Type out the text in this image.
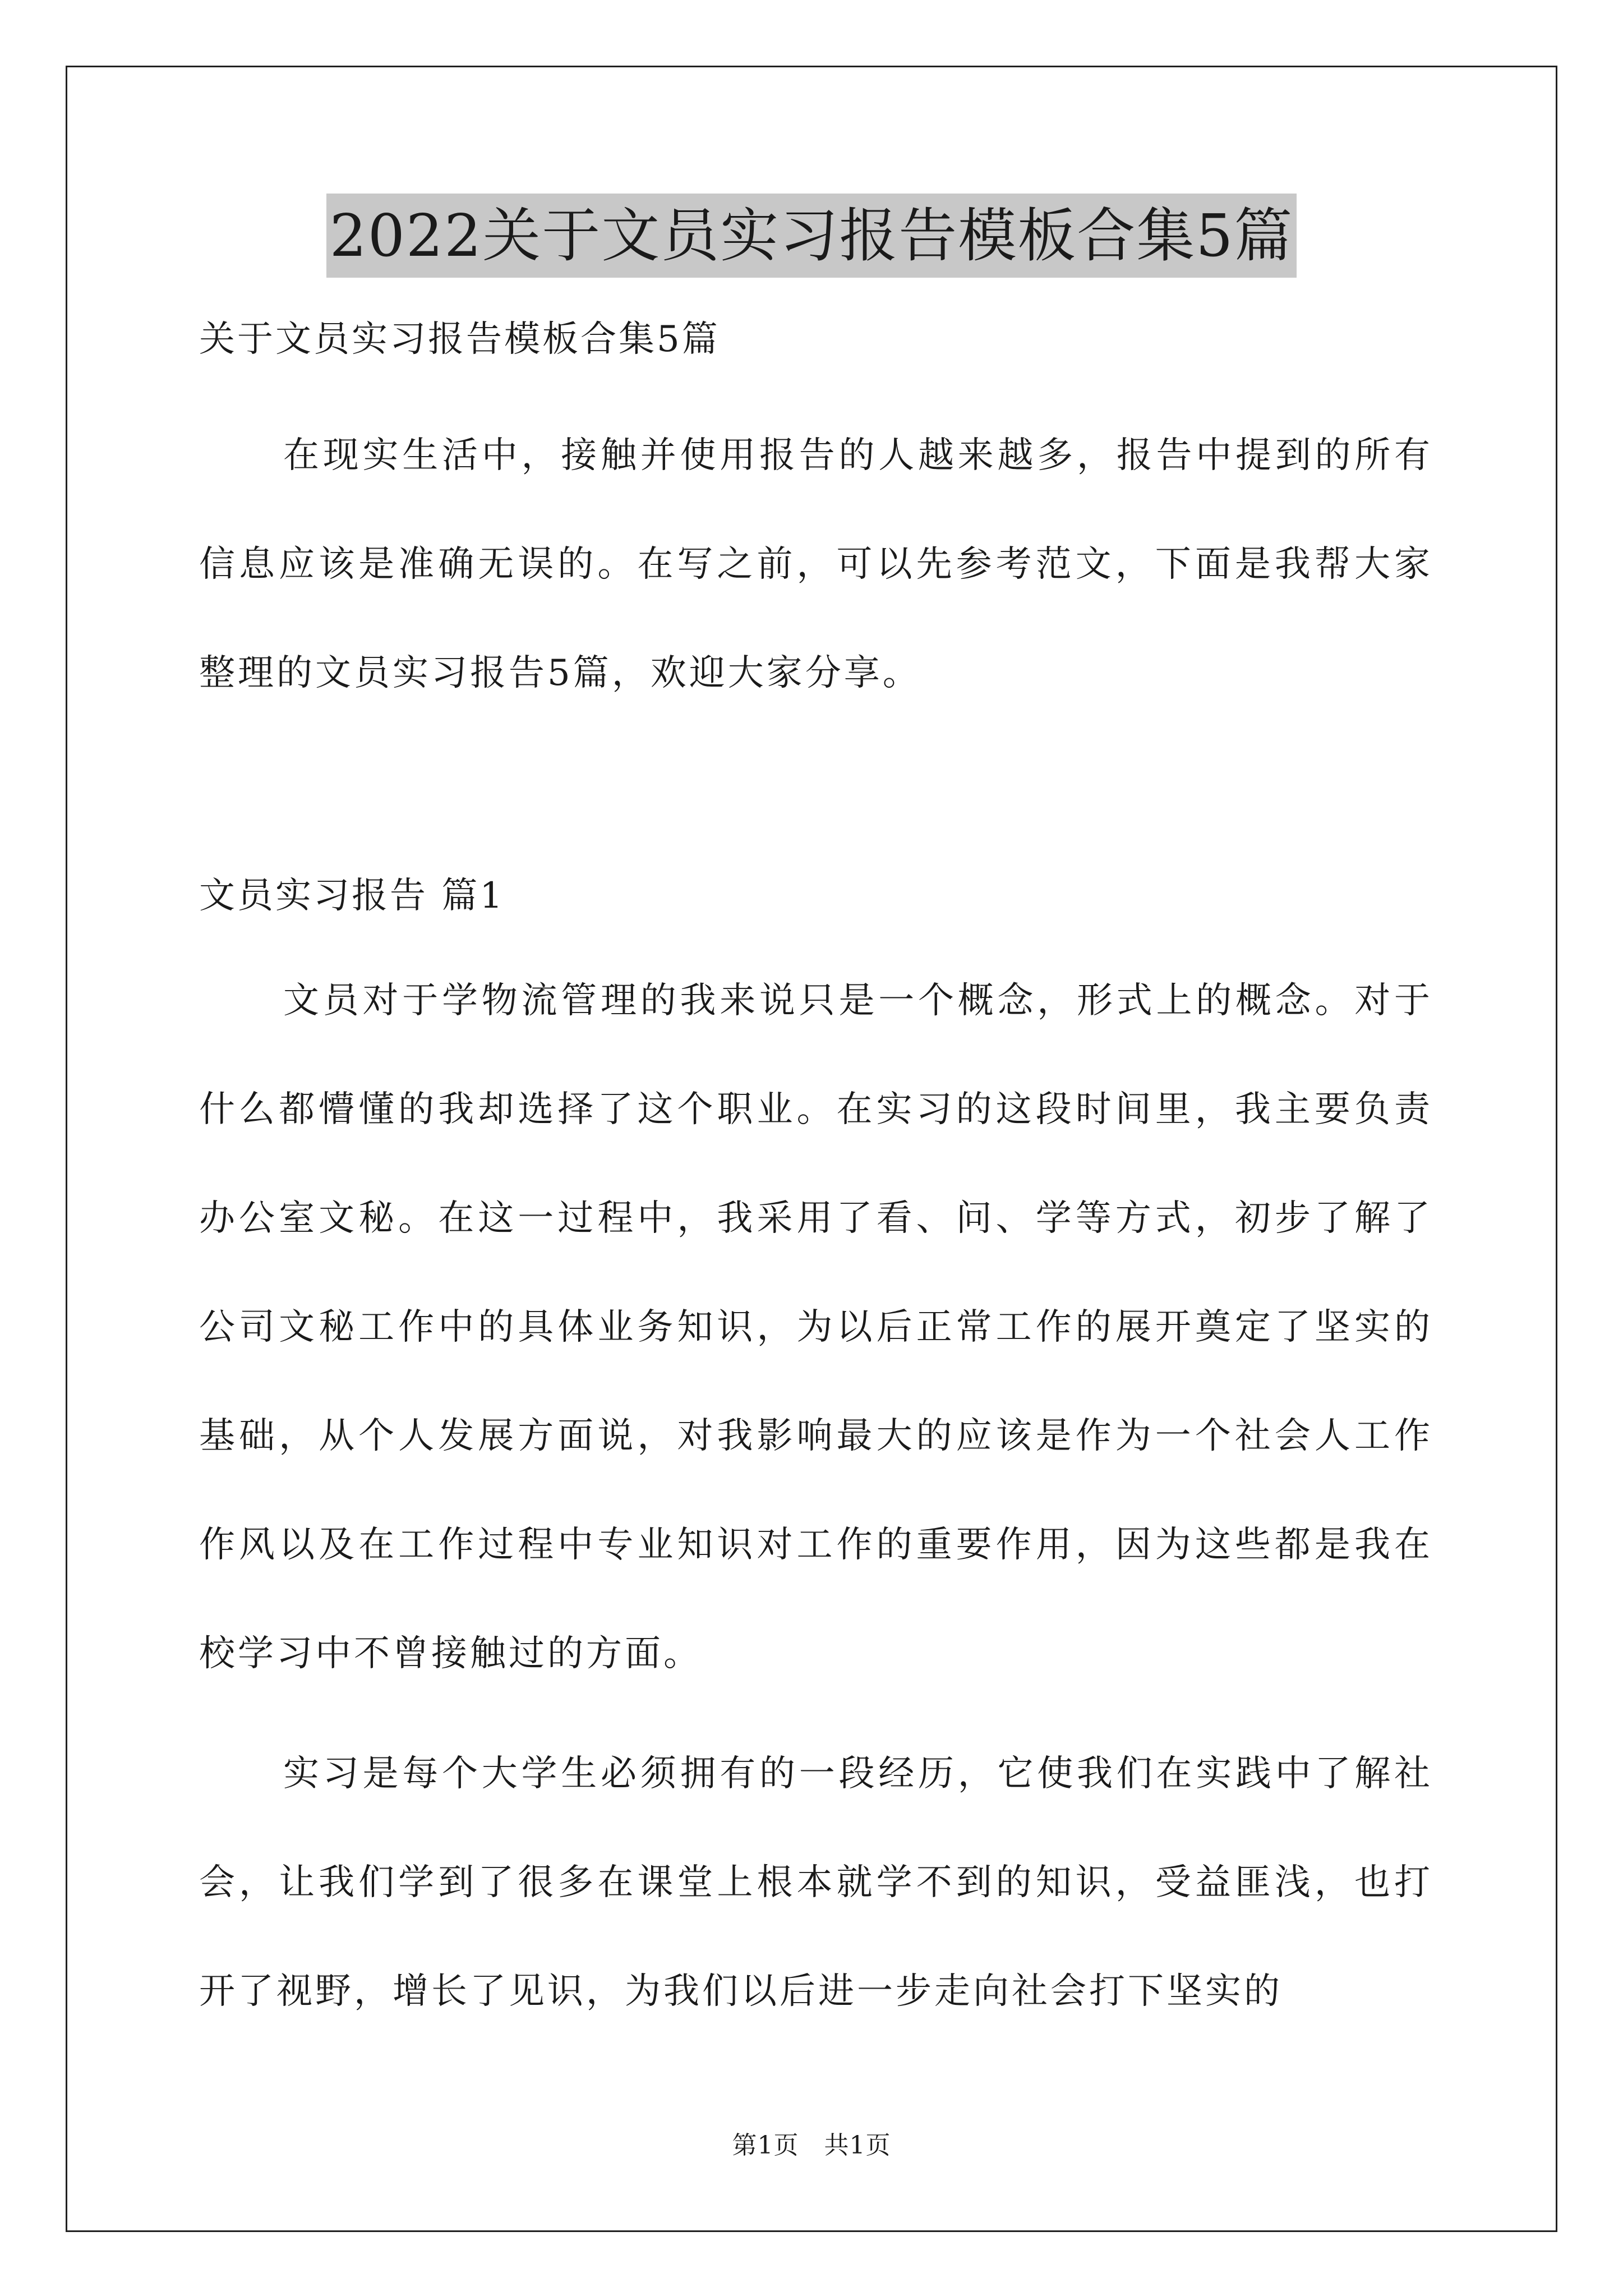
2022关于文员实习报告模板合集5篇

关于文员实习报告模板合集5篇

在现实生活中，接触并使用报告的人越来越多，报告中提到的所有信息应该是准确无误的。在写之前，可以先参考范文，下面是我帮大家整理的文员实习报告5篇，欢迎大家分享。

文员实习报告 篇1

文员对于学物流管理的我来说只是一个概念，形式上的概念。对于什么都懵懂的我却选择了这个职业。在实习的这段时间里，我主要负责办公室文秘。在这一过程中，我采用了看、问、学等方式，初步了解了公司文秘工作中的具体业务知识，为以后正常工作的展开奠定了坚实的基础，从个人发展方面说，对我影响最大的应该是作为一个社会人工作作风以及在工作过程中专业知识对工作的重要作用，因为这些都是我在校学习中不曾接触过的方面。

实习是每个大学生必须拥有的一段经历，它使我们在实践中了解社会，让我们学到了很多在课堂上根本就学不到的知识，受益匪浅，也打开了视野，增长了见识，为我们以后进一步走向社会打下坚实的

第1页　共1页
